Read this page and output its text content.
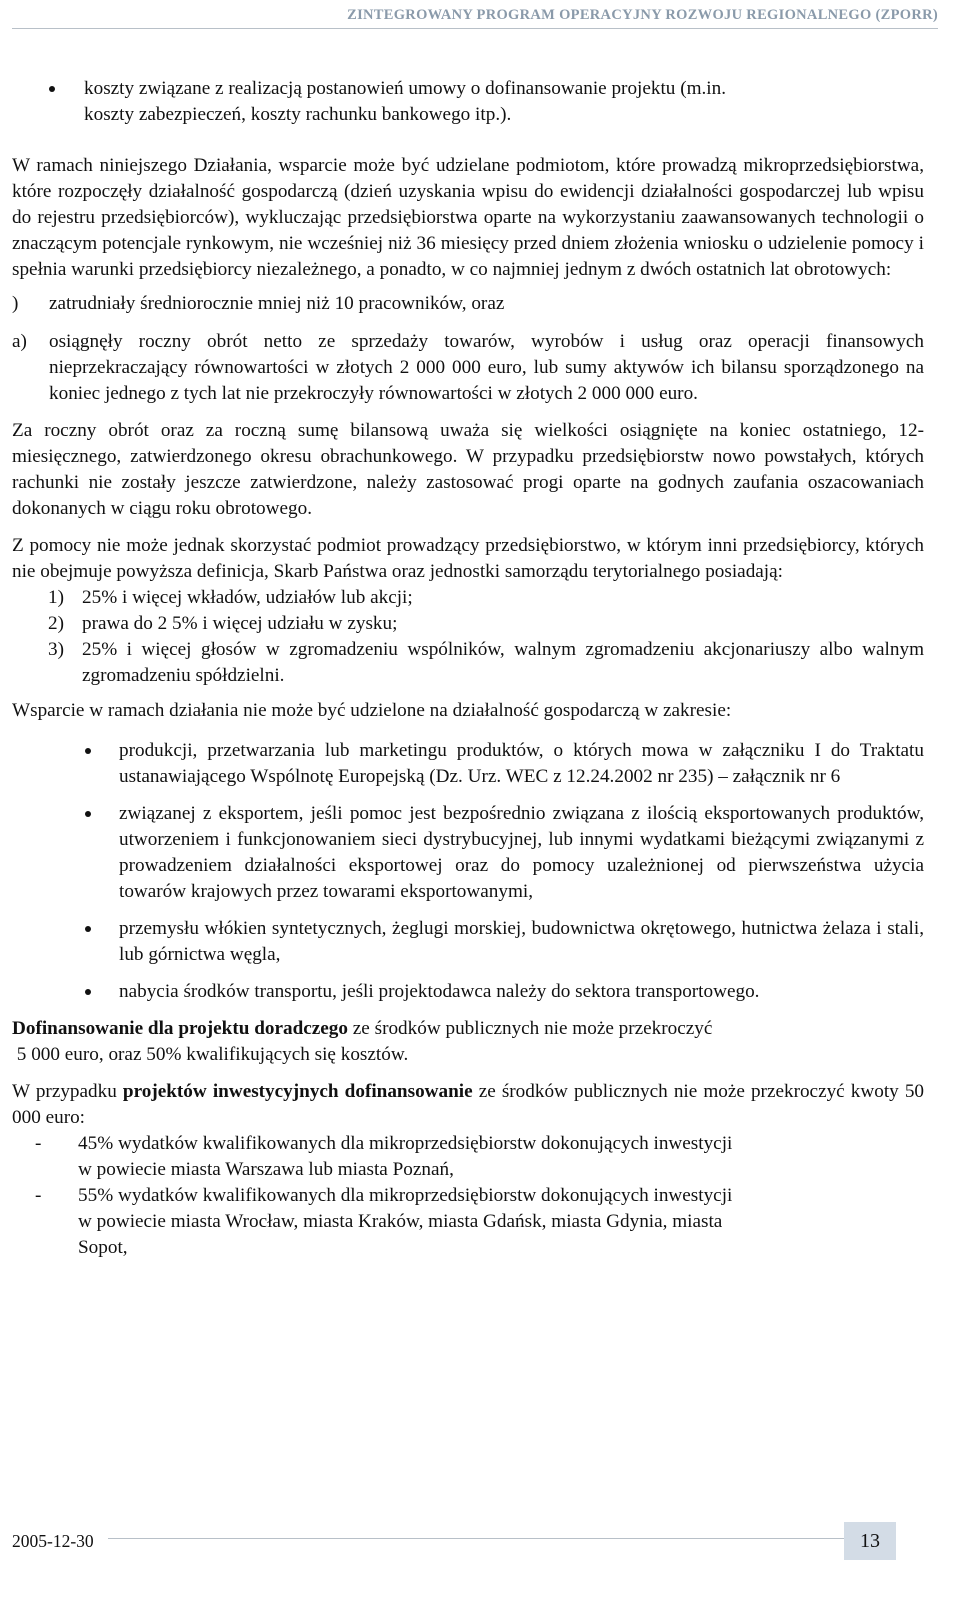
ZINTEGROWANY PROGRAM OPERACYJNY ROZWOJU REGIONALNEGO (ZPORR)
koszty związane z realizacją postanowień umowy o dofinansowanie projektu (m.in.
koszty zabezpieczeń, koszty rachunku bankowego itp.).

W ramach niniejszego Działania, wsparcie może być udzielane podmiotom, które prowadzą mikroprzedsiębiorstwa, które rozpoczęły działalność gospodarczą (dzień uzyskania wpisu do ewidencji działalności gospodarczej lub wpisu do rejestru przedsiębiorców), wykluczając przedsiębiorstwa oparte na wykorzystaniu zaawansowanych technologii o znaczącym potencjale rynkowym, nie wcześniej niż 36 miesięcy przed dniem złożenia wniosku o udzielenie pomocy i spełnia warunki przedsiębiorcy niezależnego, a ponadto, w co najmniej jednym z dwóch ostatnich lat obrotowych:

) zatrudniały średniorocznie mniej niż 10 pracowników, oraz
a) osiągnęły roczny obrót netto ze sprzedaży towarów, wyrobów i usług oraz operacji finansowych nieprzekraczający równowartości w złotych 2 000 000 euro, lub sumy aktywów ich bilansu sporządzonego na koniec jednego z tych lat nie przekroczyły równowartości w złotych 2 000 000 euro.

Za roczny obrót oraz za roczną sumę bilansową uważa się wielkości osiągnięte na koniec ostatniego, 12-miesięcznego, zatwierdzonego okresu obrachunkowego. W przypadku przedsiębiorstw nowo powstałych, których rachunki nie zostały jeszcze zatwierdzone, należy zastosować progi oparte na godnych zaufania oszacowaniach dokonanych w ciągu roku obrotowego.

Z pomocy nie może jednak skorzystać podmiot prowadzący przedsiębiorstwo, w którym inni przedsiębiorcy, których nie obejmuje powyższa definicja, Skarb Państwa oraz jednostki samorządu terytorialnego posiadają:

1) 25% i więcej wkładów, udziałów lub akcji;
2) prawa do 2 5% i więcej udziału w zysku;
3) 25% i więcej głosów w zgromadzeniu wspólników, walnym zgromadzeniu akcjonariuszy albo walnym zgromadzeniu spółdzielni.

Wsparcie w ramach działania nie może być udzielone na działalność gospodarczą w zakresie:

produkcji, przetwarzania lub marketingu produktów, o których mowa w załączniku I do Traktatu ustanawiającego Wspólnotę Europejską (Dz. Urz. WEC z 12.24.2002 nr 235) – załącznik nr 6
związanej z eksportem, jeśli pomoc jest bezpośrednio związana z ilością eksportowanych produktów, utworzeniem i funkcjonowaniem sieci dystrybucyjnej, lub innymi wydatkami bieżącymi związanymi z prowadzeniem działalności eksportowej oraz do pomocy uzależnionej od pierwszeństwa użycia towarów krajowych przez towarami eksportowanymi,
przemysłu włókien syntetycznych, żeglugi morskiej, budownictwa okrętowego, hutnictwa żelaza i stali, lub górnictwa węgla,
nabycia środków transportu, jeśli projektodawca należy do sektora transportowego.
Dofinansowanie dla projektu doradczego ze środków publicznych nie może przekroczyć
5 000 euro, oraz 50% kwalifikujących się kosztów.

W przypadku projektów inwestycyjnych dofinansowanie ze środków publicznych nie może przekroczyć kwoty 50 000 euro:

- 45% wydatków kwalifikowanych dla mikroprzedsiębiorstw dokonujących inwestycji
w powiecie miasta Warszawa lub miasta Poznań,
- 55% wydatków kwalifikowanych dla mikroprzedsiębiorstw dokonujących inwestycji
w powiecie miasta Wrocław, miasta Kraków, miasta Gdańsk, miasta Gdynia, miasta
Sopot,
2005-12-30	13
